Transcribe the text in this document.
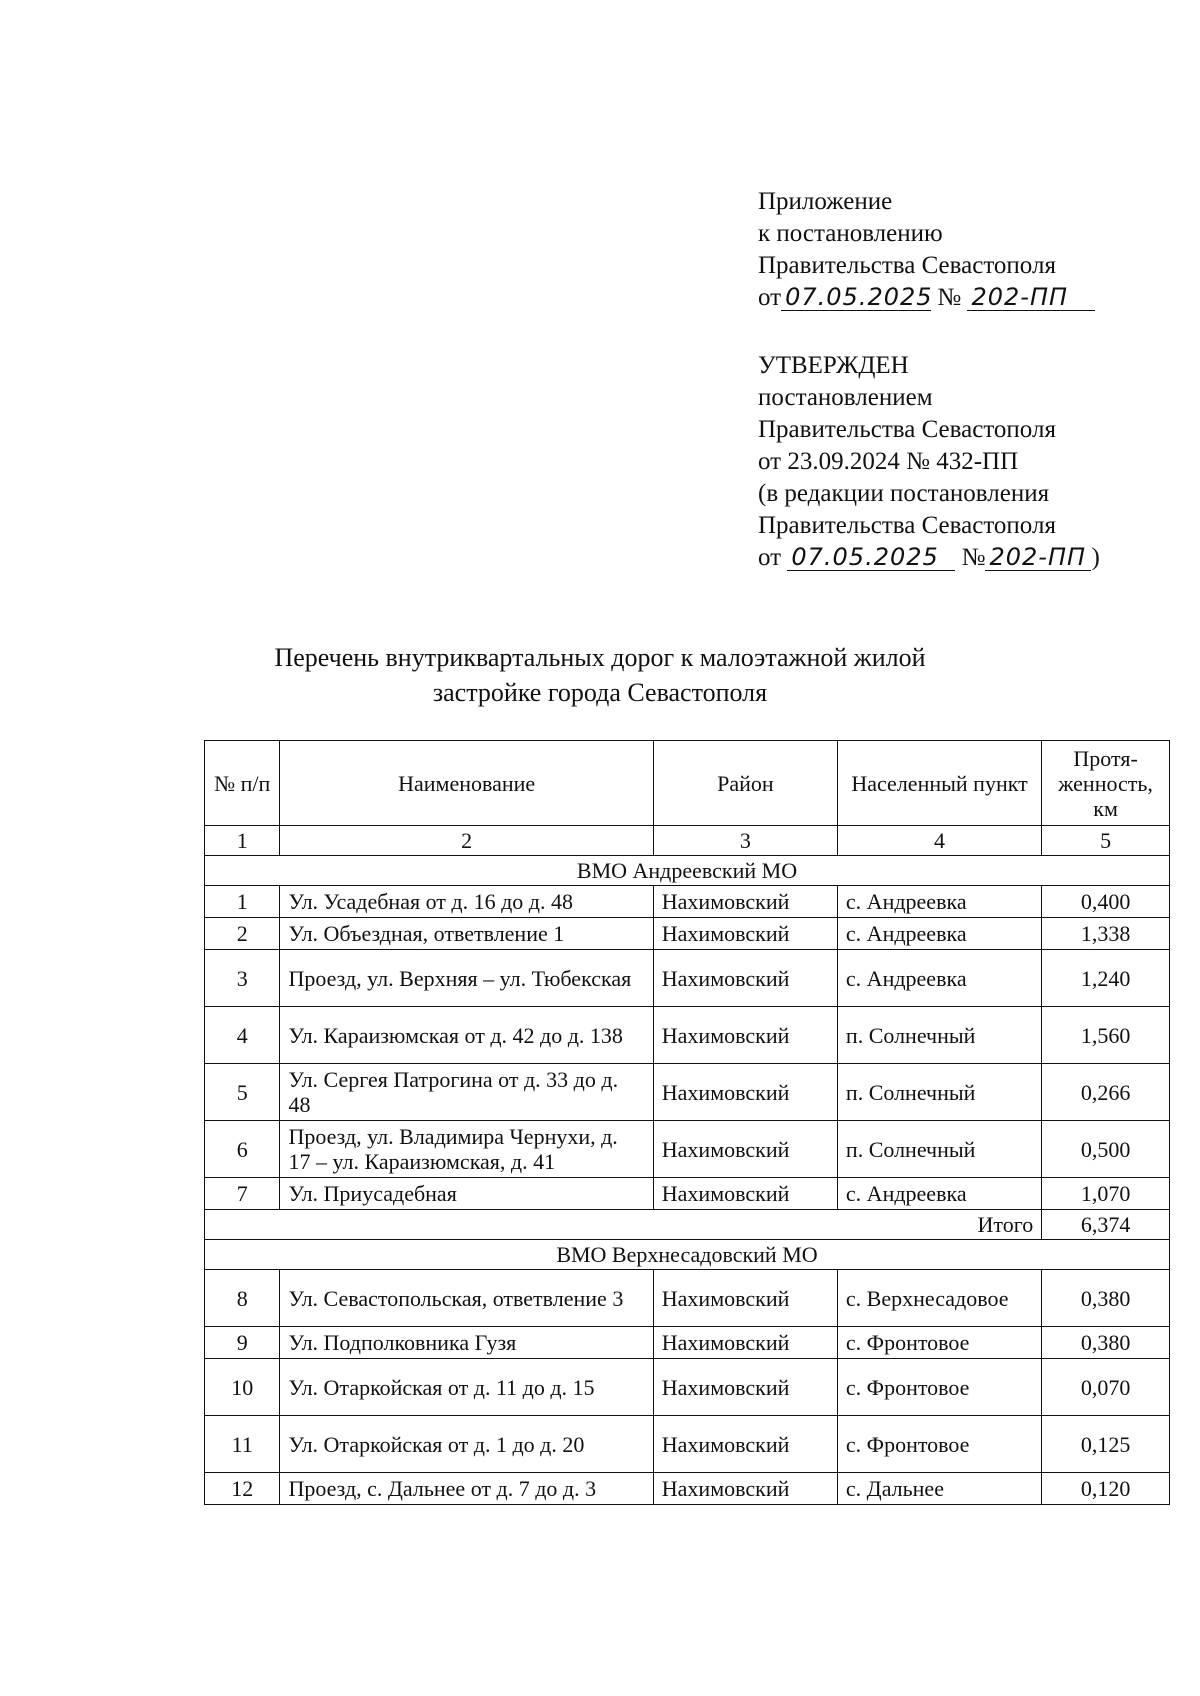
Приложение
к постановлению
Правительства Севастополя
от 07.05.2025 № 202-ПП
УТВЕРЖДЕН
постановлением
Правительства Севастополя
от 23.09.2024 № 432-ПП
(в редакции постановления
Правительства Севастополя
от 07.05.2025 № 202-ПП )
Перечень внутриквартальных дорог к малоэтажной жилой
застройке города Севастополя
№ п/п	Наименование	Район	Населенный пункт	Протя-женность, км
1	2	3	4	5
ВМО Андреевский МО				
1	Ул. Усадебная от д. 16 до д. 48	Нахимовский	с. Андреевка	0,400
2	Ул. Объездная, ответвление 1	Нахимовский	с. Андреевка	1,338
3	Проезд, ул. Верхняя – ул. Тюбекская	Нахимовский	с. Андреевка	1,240
4	Ул. Караизюмская от д. 42 до д. 138	Нахимовский	п. Солнечный	1,560
5	Ул. Сергея Патрогина от д. 33 до д. 48	Нахимовский	п. Солнечный	0,266
6	Проезд, ул. Владимира Чернухи, д. 17 – ул. Караизюмская, д. 41	Нахимовский	п. Солнечный	0,500
7	Ул. Приусадебная	Нахимовский	с. Андреевка	1,070
Итого				6,374
ВМО Верхнесадовский МО				
8	Ул. Севастопольская, ответвление 3	Нахимовский	с. Верхнесадовое	0,380
9	Ул. Подполковника Гузя	Нахимовский	с. Фронтовое	0,380
10	Ул. Отаркойская от д. 11 до д. 15	Нахимовский	с. Фронтовое	0,070
11	Ул. Отаркойская от д. 1 до д. 20	Нахимовский	с. Фронтовое	0,125
12	Проезд, с. Дальнее от д. 7 до д. 3	Нахимовский	с. Дальнее	0,120
